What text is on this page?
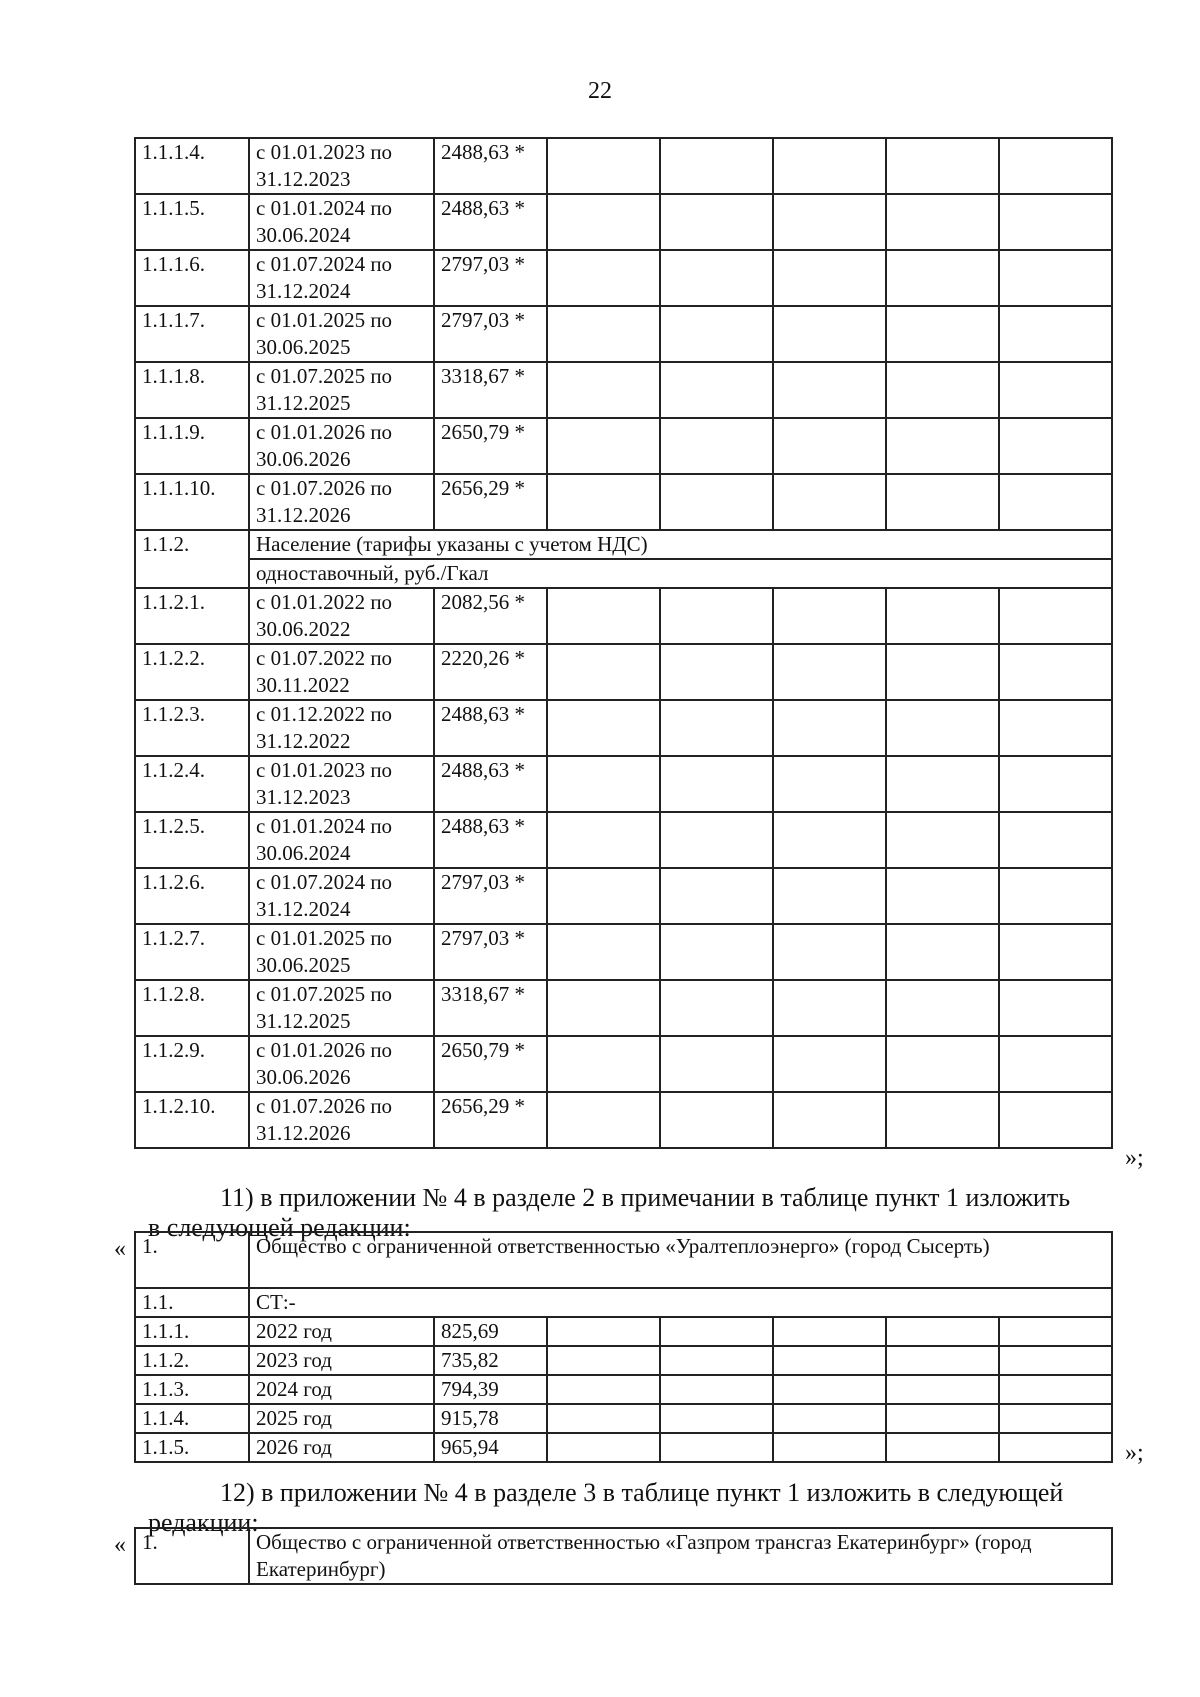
22
1.1.1.4.	с 01.01.2023 по 31.12.2023	2488,63 *					
1.1.1.5.	с 01.01.2024 по 30.06.2024	2488,63 *					
1.1.1.6.	с 01.07.2024 по 31.12.2024	2797,03 *					
1.1.1.7.	с 01.01.2025 по 30.06.2025	2797,03 *					
1.1.1.8.	с 01.07.2025 по 31.12.2025	3318,67 *					
1.1.1.9.	с 01.01.2026 по 30.06.2026	2650,79 *					
1.1.1.10.	с 01.07.2026 по 31.12.2026	2656,29 *					
1.1.2.	Население (тарифы указаны с учетом НДС)						
	одноставочный, руб./Гкал						
1.1.2.1.	с 01.01.2022 по 30.06.2022	2082,56 *					
1.1.2.2.	с 01.07.2022 по 30.11.2022	2220,26 *					
1.1.2.3.	с 01.12.2022 по 31.12.2022	2488,63 *					
1.1.2.4.	с 01.01.2023 по 31.12.2023	2488,63 *					
1.1.2.5.	с 01.01.2024 по 30.06.2024	2488,63 *					
1.1.2.6.	с 01.07.2024 по 31.12.2024	2797,03 *					
1.1.2.7.	с 01.01.2025 по 30.06.2025	2797,03 *					
1.1.2.8.	с 01.07.2025 по 31.12.2025	3318,67 *					
1.1.2.9.	с 01.01.2026 по 30.06.2026	2650,79 *					
1.1.2.10.	с 01.07.2026 по 31.12.2026	2656,29 *					
»;
11) в приложении № 4 в разделе 2 в примечании в таблице пункт 1 изложить
в следующей редакции:
« 1.	Общество с ограниченной ответственностью «Уралтеплоэнерго» (город Сысерть)						
1.1.	СТ:-						
1.1.1.	2022 год	825,69					
1.1.2.	2023 год	735,82					
1.1.3.	2024 год	794,39					
1.1.4.	2025 год	915,78					
1.1.5.	2026 год	965,94						»;
12) в приложении № 4 в разделе 3 в таблице пункт 1 изложить в следующей
редакции:
« 1.	Общество с ограниченной ответственностью «Газпром трансгаз Екатеринбург» (город Екатеринбург)
